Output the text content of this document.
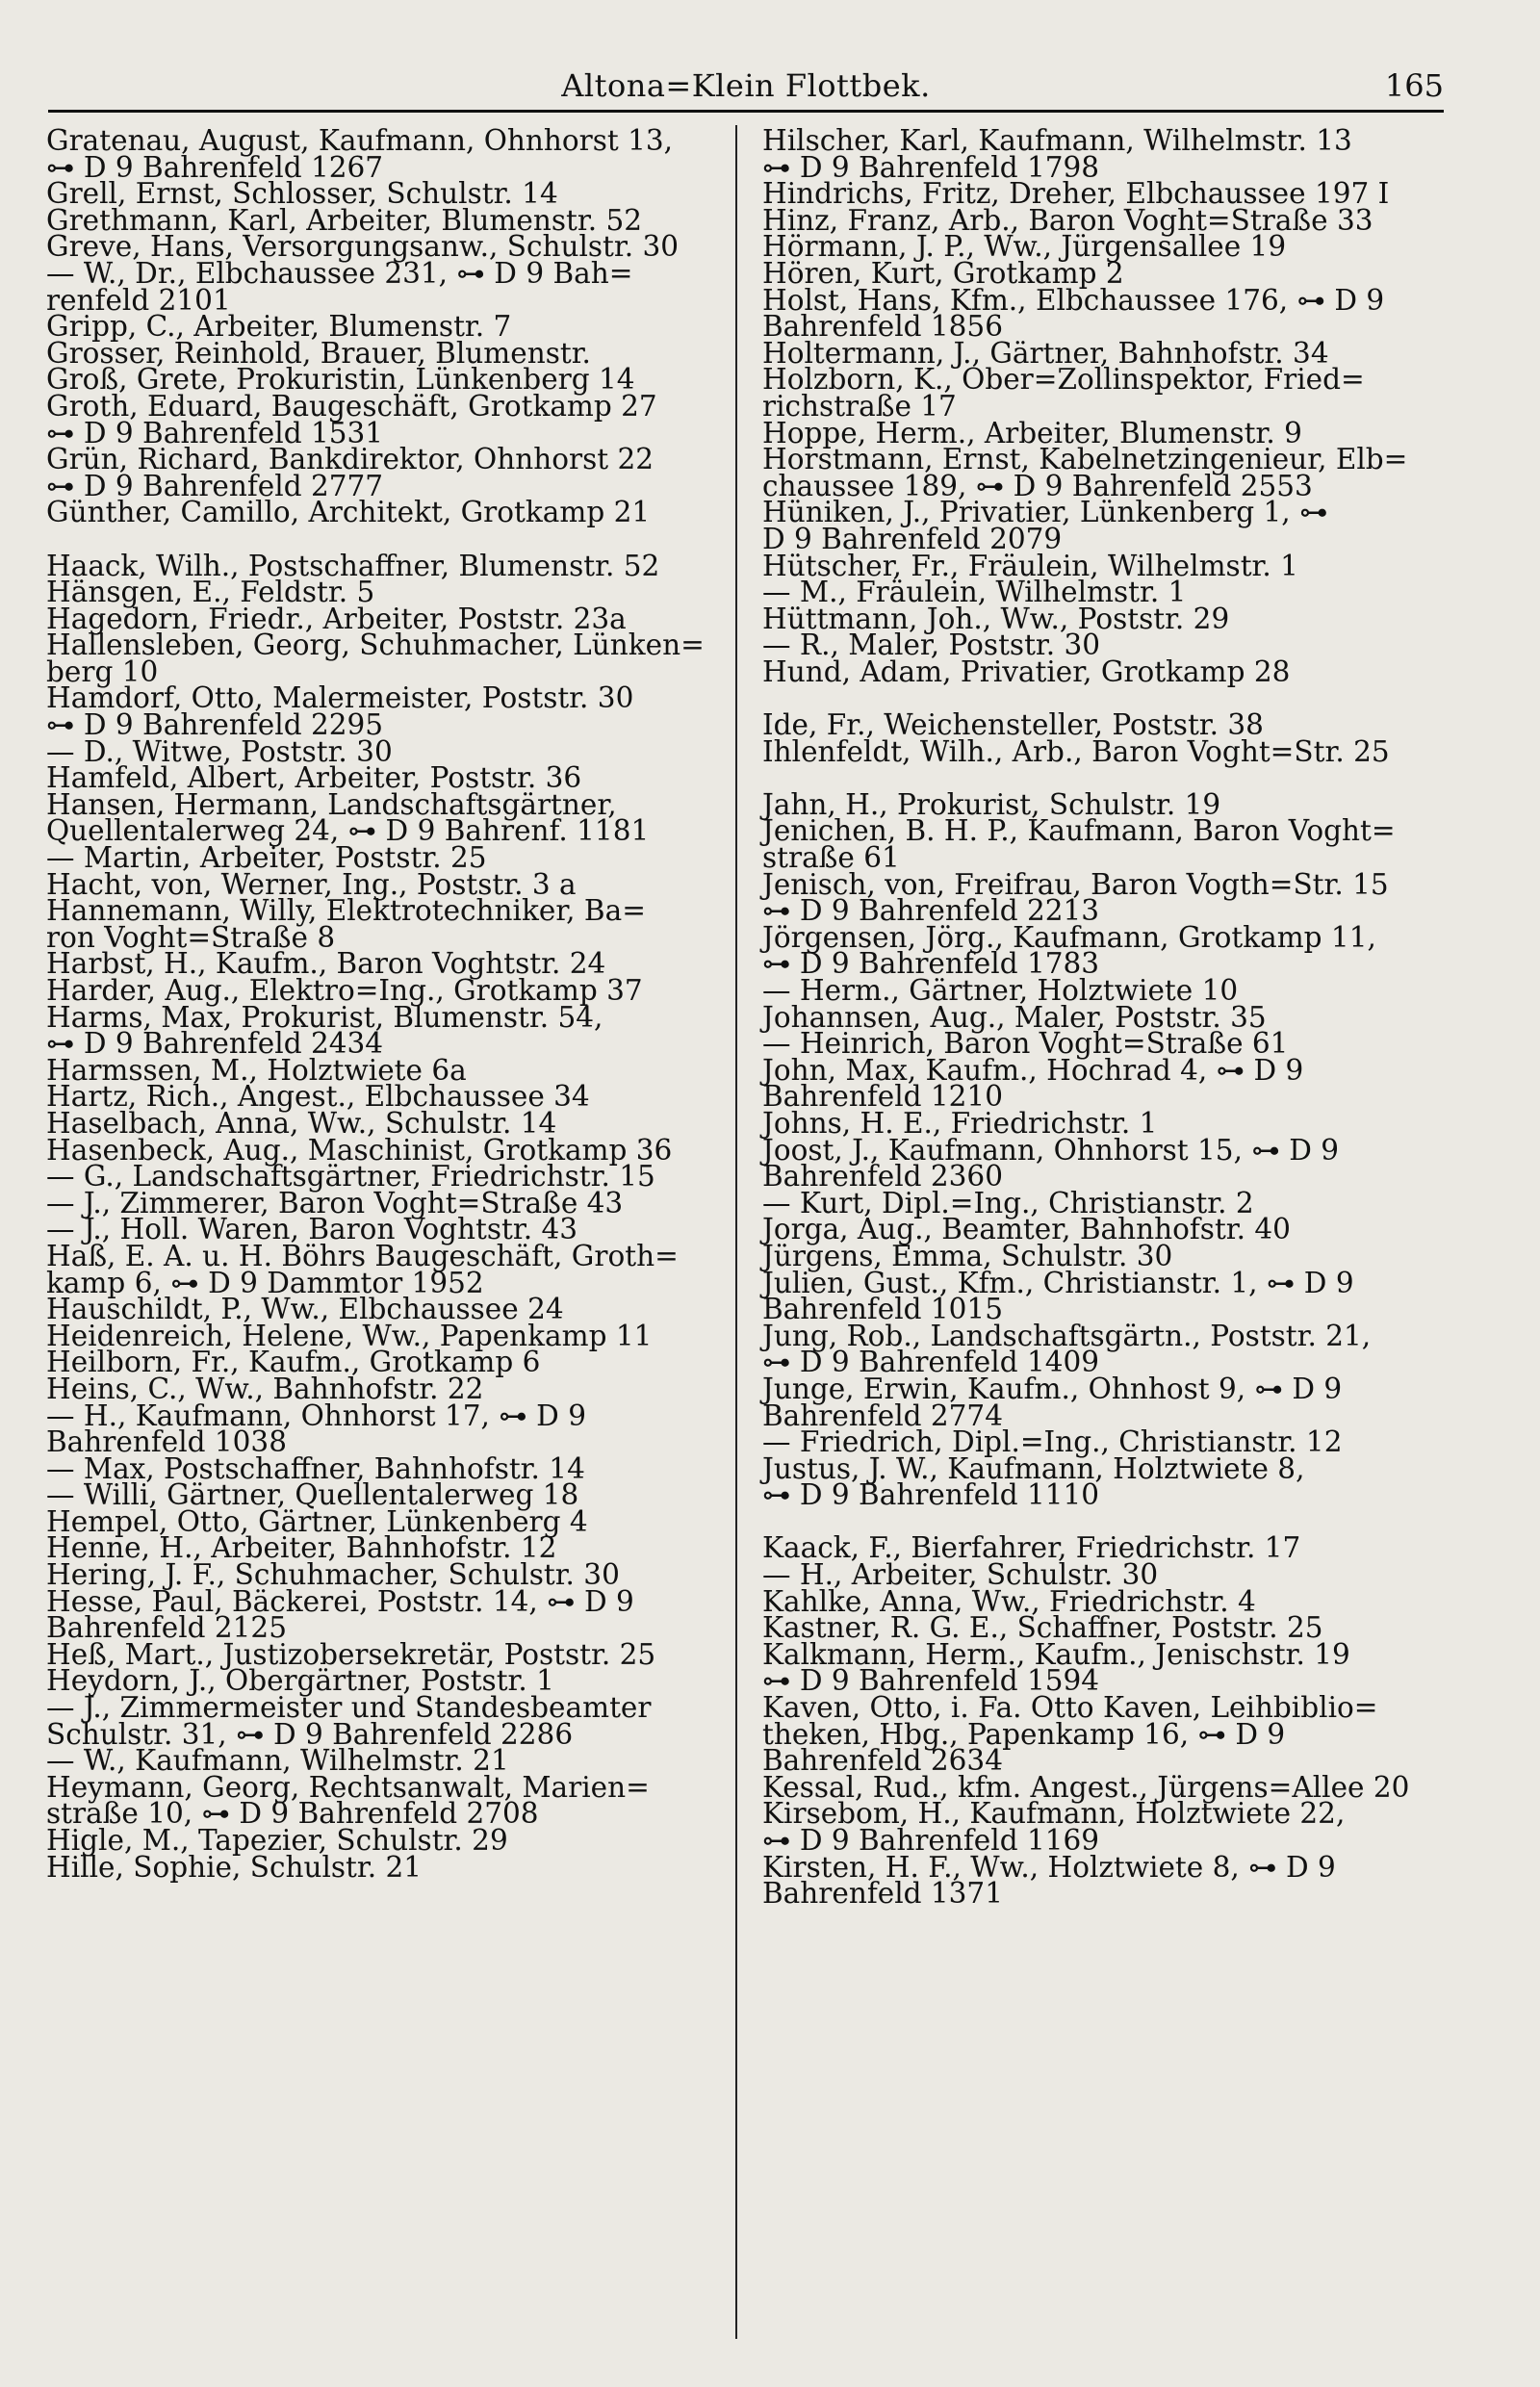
Altona=Klein Flottbek.	165
Gratenau, August, Kaufmann, Ohnhorst 13,
⊶ D 9 Bahrenfeld 1267
Grell, Ernst, Schlosser, Schulstr. 14
Grethmann, Karl, Arbeiter, Blumenstr. 52
Greve, Hans, Versorgungsanw., Schulstr. 30
— W., Dr., Elbchaussee 231, ⊶ D 9 Bah=
renfeld 2101
Gripp, C., Arbeiter, Blumenstr. 7
Grosser, Reinhold, Brauer, Blumenstr.
Groß, Grete, Prokuristin, Lünkenberg 14
Groth, Eduard, Baugeschäft, Grotkamp 27
⊶ D 9 Bahrenfeld 1531
Grün, Richard, Bankdirektor, Ohnhorst 22
⊶ D 9 Bahrenfeld 2777
Günther, Camillo, Architekt, Grotkamp 21
Haack, Wilh., Postschaffner, Blumenstr. 52
Hänsgen, E., Feldstr. 5
Hagedorn, Friedr., Arbeiter, Poststr. 23a
Hallensleben, Georg, Schuhmacher, Lünken=
berg 10
Hamdorf, Otto, Malermeister, Poststr. 30
⊶ D 9 Bahrenfeld 2295
— D., Witwe, Poststr. 30
Hamfeld, Albert, Arbeiter, Poststr. 36
Hansen, Hermann, Landschaftsgärtner,
Quellentalerweg 24, ⊶ D 9 Bahrenf. 1181
— Martin, Arbeiter, Poststr. 25
Hacht, von, Werner, Ing., Poststr. 3 a
Hannemann, Willy, Elektrotechniker, Ba=
ron Voght=Straße 8
Harbst, H., Kaufm., Baron Voghtstr. 24
Harder, Aug., Elektro=Ing., Grotkamp 37
Harms, Max, Prokurist, Blumenstr. 54,
⊶ D 9 Bahrenfeld 2434
Harmssen, M., Holztwiete 6a
Hartz, Rich., Angest., Elbchaussee 34
Haselbach, Anna, Ww., Schulstr. 14
Hasenbeck, Aug., Maschinist, Grotkamp 36
— G., Landschaftsgärtner, Friedrichstr. 15
— J., Zimmerer, Baron Voght=Straße 43
— J., Holl. Waren, Baron Voghtstr. 43
Haß, E. A. u. H. Böhrs Baugeschäft, Groth=
kamp 6, ⊶ D 9 Dammtor 1952
Hauschildt, P., Ww., Elbchaussee 24
Heidenreich, Helene, Ww., Papenkamp 11
Heilborn, Fr., Kaufm., Grotkamp 6
Heins, C., Ww., Bahnhofstr. 22
— H., Kaufmann, Ohnhorst 17, ⊶ D 9
Bahrenfeld 1038
— Max, Postschaffner, Bahnhofstr. 14
— Willi, Gärtner, Quellentalerweg 18
Hempel, Otto, Gärtner, Lünkenberg 4
Henne, H., Arbeiter, Bahnhofstr. 12
Hering, J. F., Schuhmacher, Schulstr. 30
Hesse, Paul, Bäckerei, Poststr. 14, ⊶ D 9
Bahrenfeld 2125
Heß, Mart., Justizobersekretär, Poststr. 25
Heydorn, J., Obergärtner, Poststr. 1
— J., Zimmermeister und Standesbeamter
Schulstr. 31, ⊶ D 9 Bahrenfeld 2286
— W., Kaufmann, Wilhelmstr. 21
Heymann, Georg, Rechtsanwalt, Marien=
straße 10, ⊶ D 9 Bahrenfeld 2708
Higle, M., Tapezier, Schulstr. 29
Hille, Sophie, Schulstr. 21
Hilscher, Karl, Kaufmann, Wilhelmstr. 13
⊶ D 9 Bahrenfeld 1798
Hindrichs, Fritz, Dreher, Elbchaussee 197 I
Hinz, Franz, Arb., Baron Voght=Straße 33
Hörmann, J. P., Ww., Jürgensallee 19
Hören, Kurt, Grotkamp 2
Holst, Hans, Kfm., Elbchaussee 176, ⊶ D 9
Bahrenfeld 1856
Holtermann, J., Gärtner, Bahnhofstr. 34
Holzborn, K., Ober=Zollinspektor, Fried=
richstraße 17
Hoppe, Herm., Arbeiter, Blumenstr. 9
Horstmann, Ernst, Kabelnetzingenieur, Elb=
chaussee 189, ⊶ D 9 Bahrenfeld 2553
Hüniken, J., Privatier, Lünkenberg 1, ⊶
D 9 Bahrenfeld 2079
Hütscher, Fr., Fräulein, Wilhelmstr. 1
— M., Fräulein, Wilhelmstr. 1
Hüttmann, Joh., Ww., Poststr. 29
— R., Maler, Poststr. 30
Hund, Adam, Privatier, Grotkamp 28
Ide, Fr., Weichensteller, Poststr. 38
Ihlenfeldt, Wilh., Arb., Baron Voght=Str. 25
Jahn, H., Prokurist, Schulstr. 19
Jenichen, B. H. P., Kaufmann, Baron Voght=
straße 61
Jenisch, von, Freifrau, Baron Vogth=Str. 15
⊶ D 9 Bahrenfeld 2213
Jörgensen, Jörg., Kaufmann, Grotkamp 11,
⊶ D 9 Bahrenfeld 1783
— Herm., Gärtner, Holztwiete 10
Johannsen, Aug., Maler, Poststr. 35
— Heinrich, Baron Voght=Straße 61
John, Max, Kaufm., Hochrad 4, ⊶ D 9
Bahrenfeld 1210
Johns, H. E., Friedrichstr. 1
Joost, J., Kaufmann, Ohnhorst 15, ⊶ D 9
Bahrenfeld 2360
— Kurt, Dipl.=Ing., Christianstr. 2
Jorga, Aug., Beamter, Bahnhofstr. 40
Jürgens, Emma, Schulstr. 30
Julien, Gust., Kfm., Christianstr. 1, ⊶ D 9
Bahrenfeld 1015
Jung, Rob., Landschaftsgärtn., Poststr. 21,
⊶ D 9 Bahrenfeld 1409
Junge, Erwin, Kaufm., Ohnhost 9, ⊶ D 9
Bahrenfeld 2774
— Friedrich, Dipl.=Ing., Christianstr. 12
Justus, J. W., Kaufmann, Holztwiete 8,
⊶ D 9 Bahrenfeld 1110
Kaack, F., Bierfahrer, Friedrichstr. 17
— H., Arbeiter, Schulstr. 30
Kahlke, Anna, Ww., Friedrichstr. 4
Kastner, R. G. E., Schaffner, Poststr. 25
Kalkmann, Herm., Kaufm., Jenischstr. 19
⊶ D 9 Bahrenfeld 1594
Kaven, Otto, i. Fa. Otto Kaven, Leihbiblio=
theken, Hbg., Papenkamp 16, ⊶ D 9
Bahrenfeld 2634
Kessal, Rud., kfm. Angest., Jürgens=Allee 20
Kirsebom, H., Kaufmann, Holztwiete 22,
⊶ D 9 Bahrenfeld 1169
Kirsten, H. F., Ww., Holztwiete 8, ⊶ D 9
Bahrenfeld 1371
